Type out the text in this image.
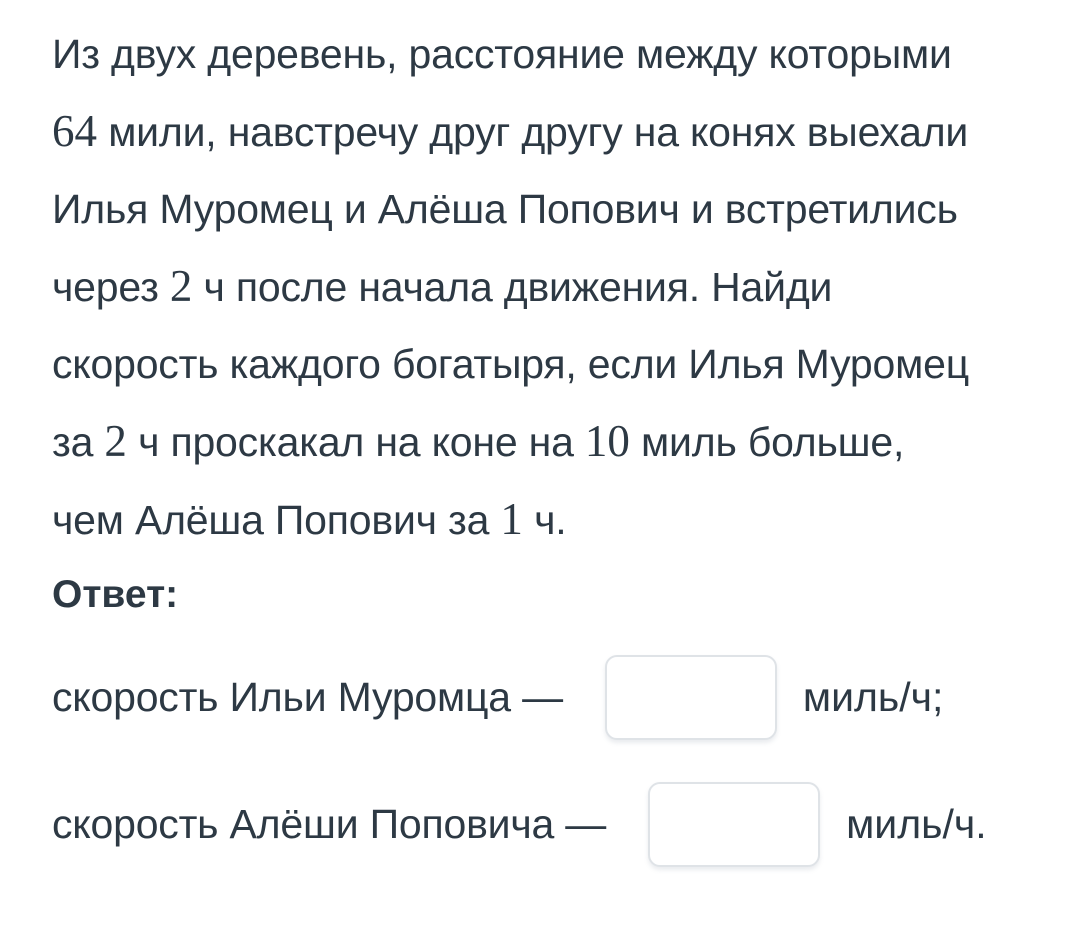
Из двух деревень, расстояние между которыми
64 мили, навстречу друг другу на конях выехали
Илья Муромец и Алёша Попович и встретились
через 2 ч после начала движения. Найди
скорость каждого богатыря, если Илья Муромец
за 2 ч проскакал на коне на 10 миль больше,
чем Алёша Попович за 1 ч.
Ответ:
скорость Ильи Муромца —	миль/ч;
скорость Алёши Поповича —	миль/ч.
